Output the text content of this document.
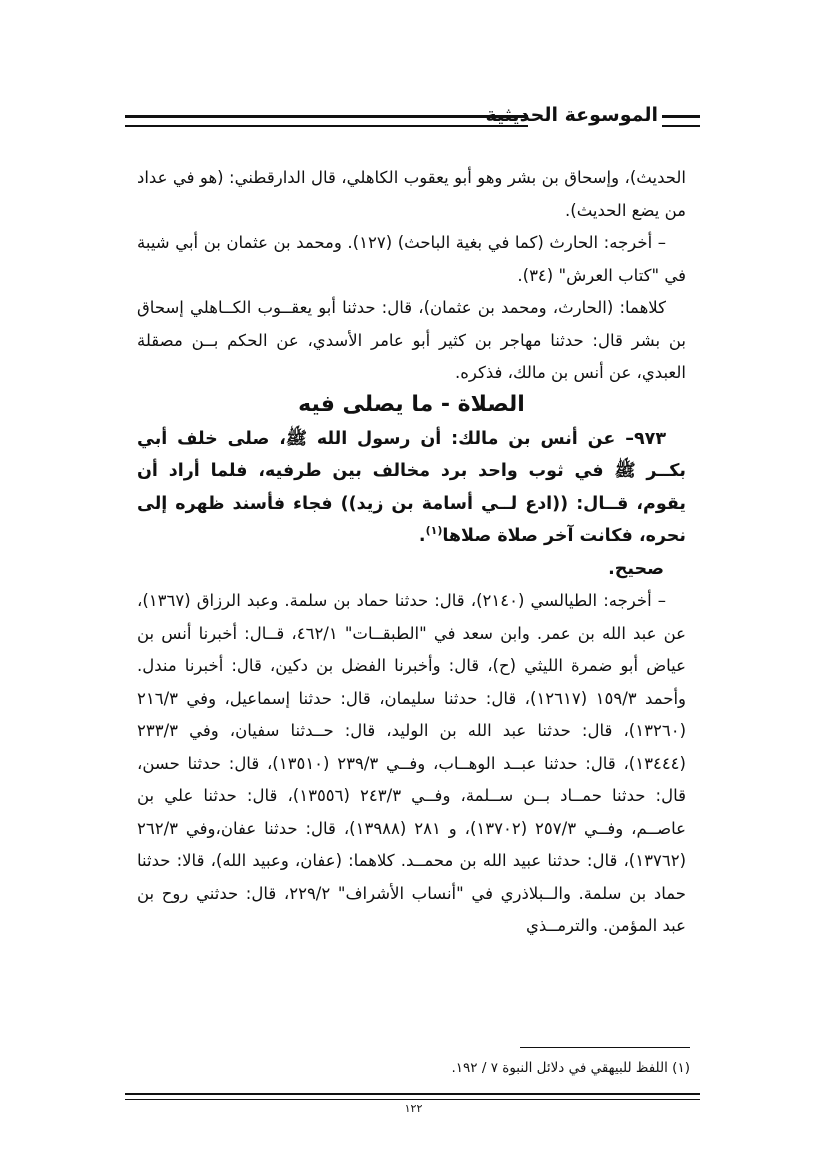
الموسوعة الحديثية

الحديث)، وإسحاق بن بشر وهو أبو يعقوب الكاهلي، قال الدارقطني: (هو في عداد من يضع الحديث).

– أخرجه: الحارث (كما في بغية الباحث) (١٢٧). ومحمد بن عثمان بن أبي شيبة في "كتاب العرش" (٣٤).

كلاهما: (الحارث، ومحمد بن عثمان)، قال: حدثنا أبو يعقــوب الكــاهلي إسحاق بن بشر قال: حدثنا مهاجر بن كثير أبو عامر الأسدي، عن الحكم بــن مصقلة العبدي، عن أنس بن مالك، فذكره.

الصلاة - ما يصلى فيه

٩٧٣– عن أنس بن مالك: أن رسول الله ﷺ، صلى خلف أبي بكــر ﷺ في ثوب واحد برد مخالف بين طرفيه، فلما أراد أن يقوم، قــال: ((ادع لــي أسامة بن زيد)) فجاء فأسند ظهره إلى نحره، فكانت آخر صلاة صلاها$^{(١)}$.

صحيح.

– أخرجه: الطيالسي (٢١٤٠)، قال: حدثنا حماد بن سلمة. وعبد الرزاق (١٣٦٧)، عن عبد الله بن عمر. وابن سعد في "الطبقــات" ٤٦٢/١، قــال: أخبرنا أنس بن عياض أبو ضمرة الليثي (ح)، قال: وأخبرنا الفضل بن دكين، قال: أخبرنا مندل. وأحمد ١٥٩/٣ (١٢٦١٧)، قال: حدثنا سليمان، قال: حدثنا إسماعيل، وفي ٢١٦/٣ (١٣٢٦٠)، قال: حدثنا عبد الله بن الوليد، قال: حــدثنا سفيان، وفي ٢٣٣/٣ (١٣٤٤٤)، قال: حدثنا عبــد الوهــاب، وفــي ٢٣٩/٣ (١٣٥١٠)، قال: حدثنا حسن، قال: حدثنا حمــاد بــن ســلمة، وفــي ٢٤٣/٣ (١٣٥٥٦)، قال: حدثنا علي بن عاصــم، وفــي ٢٥٧/٣ (١٣٧٠٢)، و ٢٨١ (١٣٩٨٨)، قال: حدثنا عفان،وفي ٢٦٢/٣ (١٣٧٦٢)، قال: حدثنا عبيد الله بن محمــد. كلاهما: (عفان، وعبيد الله)، قالا: حدثنا حماد بن سلمة. والــبلاذري في "أنساب الأشراف" ٢٢٩/٢، قال: حدثني روح بن عبد المؤمن. والترمــذي

(١) اللفظ للبيهقي في دلائل النبوة ٧ / ١٩٢.
١٢٢
